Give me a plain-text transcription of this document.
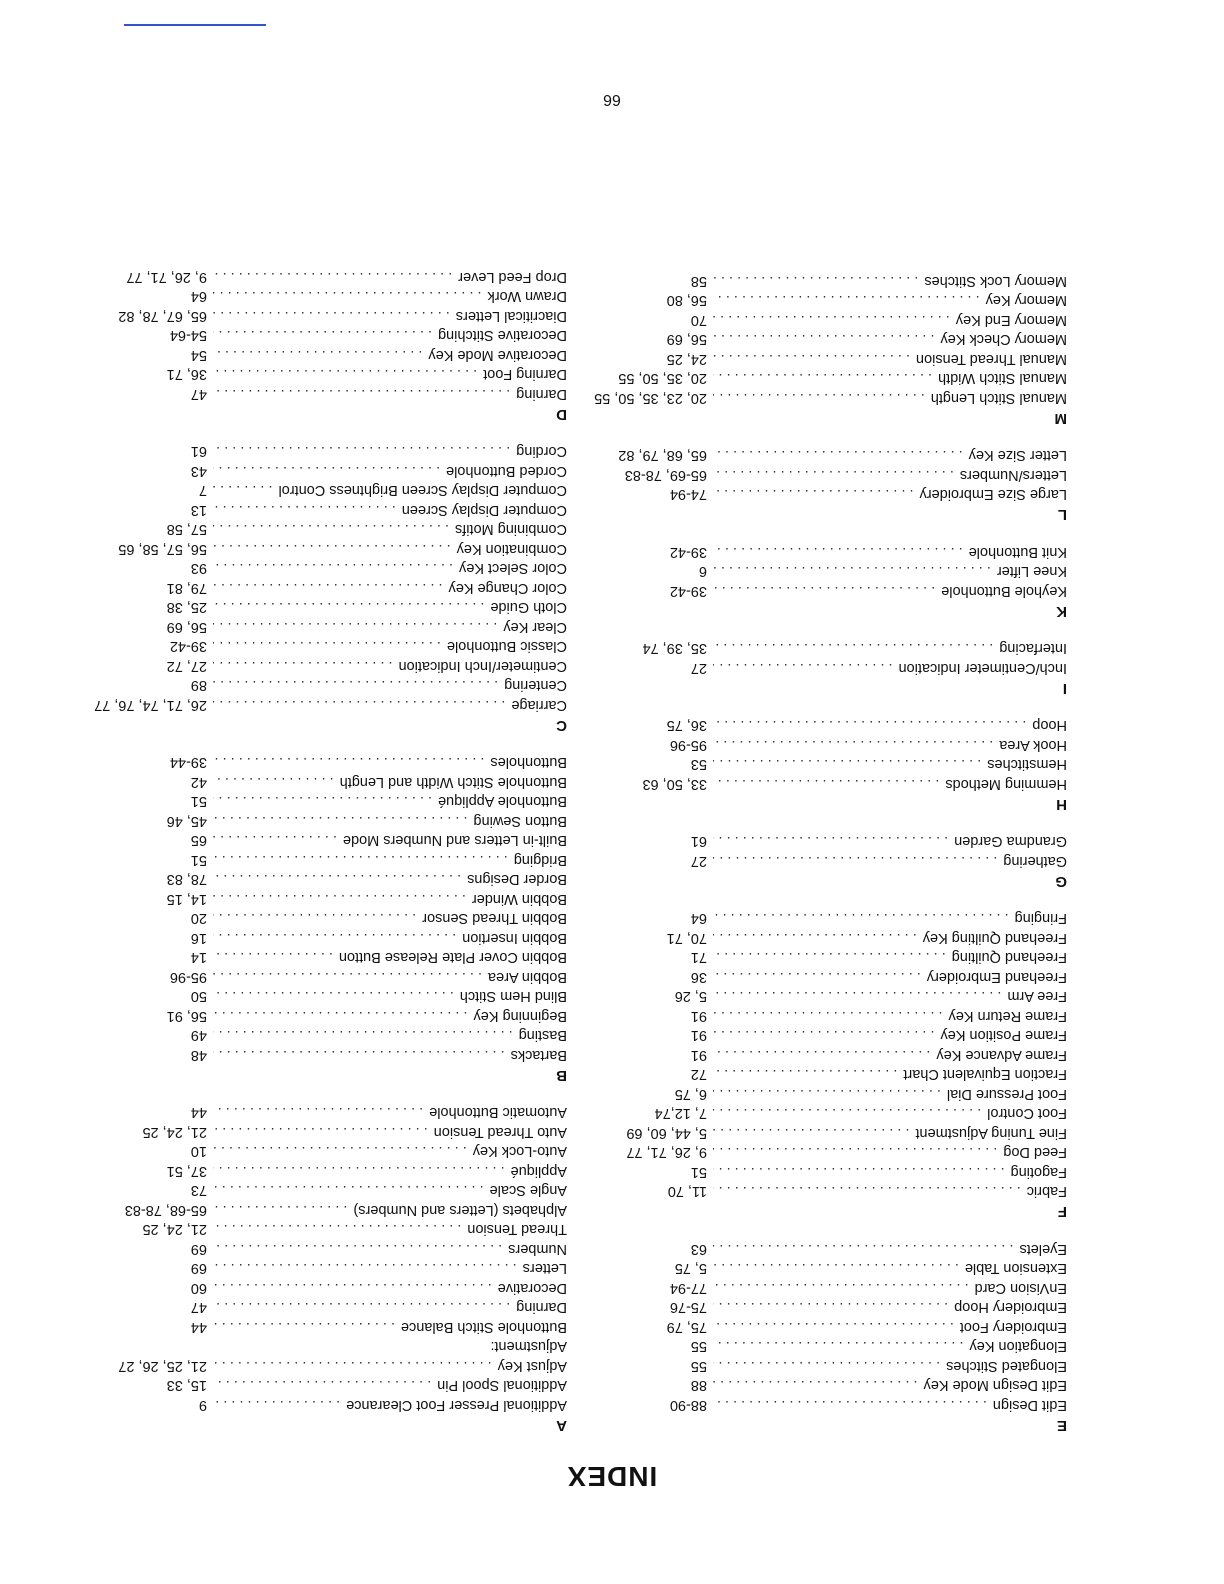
INDEX
E
Edit Design
. . .
88-90
Edit Design Mode Key
. . .
88
Elongated Stitches
. . .
55
Elongation Key
. . .
55
Embroidery Foot
. . .
75, 79
Embroidery Hoop
. . .
75-76
EnVision Card
. . .
77-94
Extension Table
. . .
5, 75
Eyelets
. . .
63
F
Fabric
. . .
11, 70
Fagoting
. . .
51
Feed Dog
. . .
9, 26, 71, 77
Fine Tuning Adjustment
. . .
5, 44, 60, 69
Foot Control
. . .
7, 12,74
Foot Pressure Dial
. . .
6, 75
Fraction Equivalent Chart
. . .
72
Frame Advance Key
. . .
91
Frame Position Key
. . .
91
Frame Return Key
. . .
91
Free Arm
. . .
5, 26
Freehand Embroidery
. . .
36
Freehand Quilting
. . .
71
Freehand Quilting Key
. . .
70, 71
Fringing
. . .
64
G
Gathering
. . .
27
Grandma Garden
. . .
61
H
Hemming Methods
. . .
33, 50, 63
Hemstitches
. . .
53
Hook Area
. . .
95-96
Hoop
. . .
36, 75
I
Inch/Centimeter Indication
. . .
27
Interfacing
. . .
35, 39, 74
K
Keyhole Buttonhole
. . .
39-42
Knee Lifter
. . .
6
Knit Buttonhole
. . .
39-42
L
Large Size Embroidery
. . .
74-94
Letters/Numbers
. . .
65-69, 78-83
Letter Size Key
. . .
65, 68, 79, 82
M
Manual Stitch Length
. . .
20, 23, 35, 50, 55
Manual Stitch Width
. . .
20, 35, 50, 55
Manual Thread Tension
. . .
24, 25
Memory Check Key
. . .
56, 69
Memory End Key
. . .
70
Memory Key
. . .
56, 80
Memory Lock Stitches
. . .
58
A
Additional Presser Foot Clearance
. . .
9
Additional Spool Pin
. . .
15, 33
Adjust Key
. . .
21, 25, 26, 27
Adjustment:
Buttonhole Stitch Balance
. . .
44
Darning
. . .
47
Decorative
. . .
60
Letters
. . .
69
Numbers
. . .
69
Thread Tension
. . .
21, 24, 25
Alphabets (Letters and Numbers)
. . .
65-68, 78-83
Angle Scale
. . .
73
Appliqué
. . .
37, 51
Auto-Lock Key
. . .
10
Auto Thread Tension
. . .
21, 24, 25
Automatic Buttonhole
. . .
44
B
Bartacks
. . .
48
Basting
. . .
49
Beginning Key
. . .
56, 91
Blind Hem Stitch
. . .
50
Bobbin Area
. . .
95-96
Bobbin Cover Plate Release Button
. . .
14
Bobbin Insertion
. . .
16
Bobbin Thread Sensor
. . .
20
Bobbin Winder
. . .
14, 15
Border Designs
. . .
78, 83
Bridging
. . .
51
Built-in Letters and Numbers Mode
. . .
65
Button Sewing
. . .
45, 46
Buttonhole Appliqué
. . .
51
Buttonhole Stitch Width and Length
. . .
42
Buttonholes
. . .
39-44
C
Carriage
. . .
26, 71, 74, 76, 77
Centering
. . .
89
Centimeter/Inch Indication
. . .
27, 72
Classic Buttonhole
. . .
39-42
Clear Key
. . .
56, 69
Cloth Guide
. . .
25, 38
Color Change Key
. . .
79, 81
Color Select Key
. . .
93
Combination Key
. . .
56, 57, 58, 65
Combining Motifs
. . .
57, 58
Computer Display Screen
. . .
13
Computer Display Screen Brightness Control
. . .
7
Corded Buttonhole
. . .
43
Cording
. . .
61
D
Darning
. . .
47
Darning Foot
. . .
36, 71
Decorative Mode Key
. . .
54
Decorative Stitching
. . .
54-64
Diacritical Letters
. . .
65, 67, 78, 82
Drawn Work
. . .
64
Drop Feed Lever
. . .
9, 26, 71, 77
66
